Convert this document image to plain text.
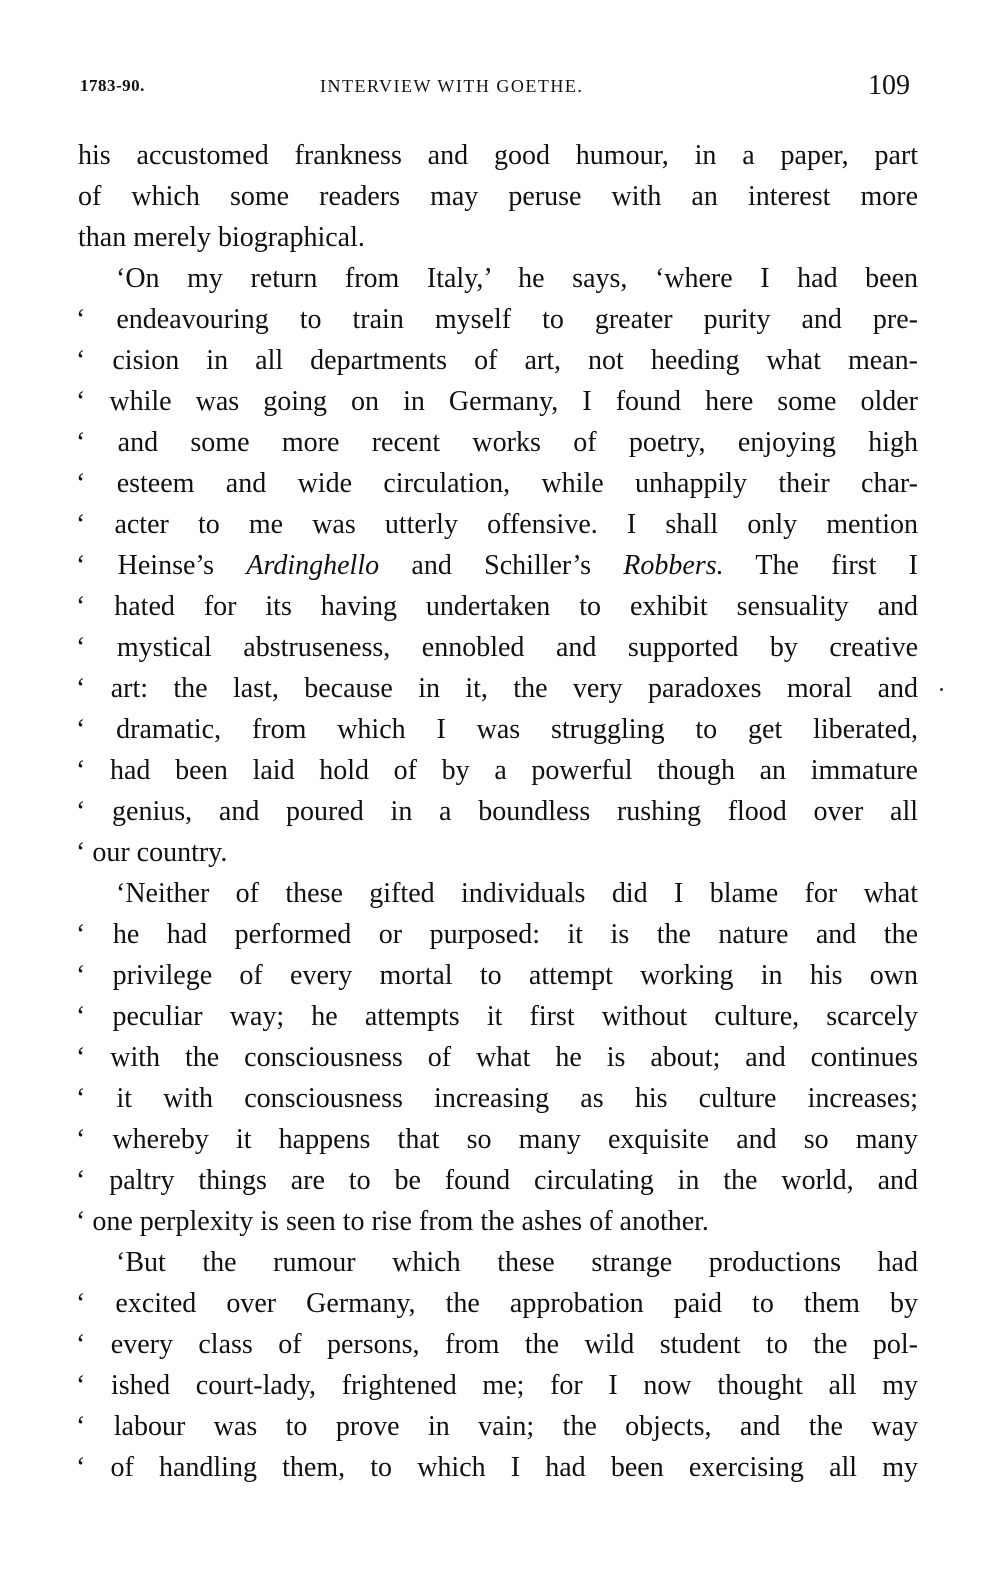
1783-90.	INTERVIEW WITH GOETHE.	109
his accustomed frankness and good humour, in a paper, part
of which some readers may peruse with an interest more
than merely biographical.
‘On my return from Italy,’ he says, ‘where I had been
‘ endeavouring to train myself to greater purity and pre-
‘ cision in all departments of art, not heeding what mean-
‘ while was going on in Germany, I found here some older
‘ and some more recent works of poetry, enjoying high
‘ esteem and wide circulation, while unhappily their char-
‘ acter to me was utterly offensive. I shall only mention
‘ Heinse’s Ardinghello and Schiller’s Robbers. The first I
‘ hated for its having undertaken to exhibit sensuality and
‘ mystical abstruseness, ennobled and supported by creative
‘ art: the last, because in it, the very paradoxes moral and
‘ dramatic, from which I was struggling to get liberated,
‘ had been laid hold of by a powerful though an immature
‘ genius, and poured in a boundless rushing flood over all
‘ our country.
‘Neither of these gifted individuals did I blame for what
‘ he had performed or purposed: it is the nature and the
‘ privilege of every mortal to attempt working in his own
‘ peculiar way; he attempts it first without culture, scarcely
‘ with the consciousness of what he is about; and continues
‘ it with consciousness increasing as his culture increases;
‘ whereby it happens that so many exquisite and so many
‘ paltry things are to be found circulating in the world, and
‘ one perplexity is seen to rise from the ashes of another.
‘But the rumour which these strange productions had
‘ excited over Germany, the approbation paid to them by
‘ every class of persons, from the wild student to the pol-
‘ ished court-lady, frightened me; for I now thought all my
‘ labour was to prove in vain; the objects, and the way
‘ of handling them, to which I had been exercising all my
